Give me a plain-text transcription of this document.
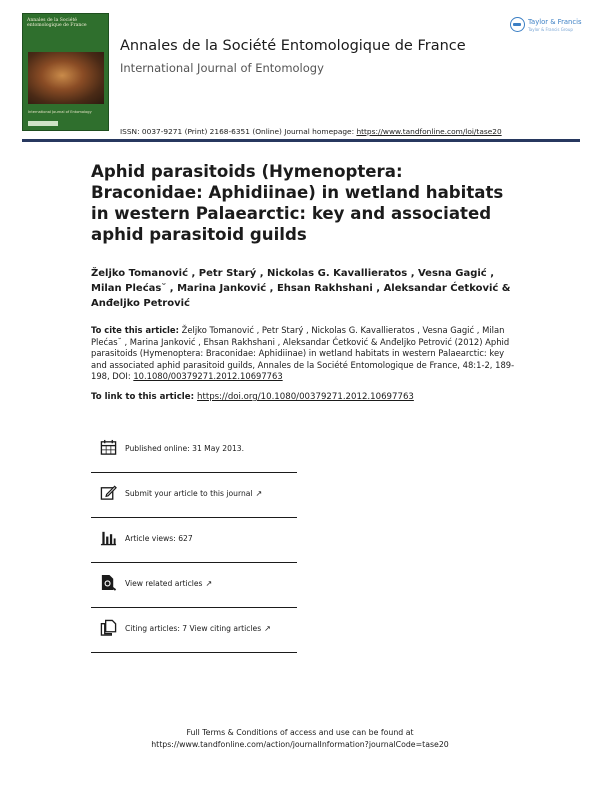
Annales de la Société entomologique de France
International Journal of Entomology
Annales de la Société Entomologique de France
International Journal of Entomology
ISSN: 0037-9271 (Print) 2168-6351 (Online) Journal homepage: https://www.tandfonline.com/loi/tase20
Taylor & Francis
Taylor & Francis Group
Aphid parasitoids (Hymenoptera: Braconidae: Aphidiinae) in wetland habitats in western Palaearctic: key and associated aphid parasitoid guilds
Željko Tomanović , Petr Starý , Nickolas G. Kavallieratos , Vesna Gagić ,
Milan Plećas˘ , Marina Janković , Ehsan Rakhshani , Aleksandar Ćetković &
Anđeljko Petrović
To cite this article: Željko Tomanović , Petr Starý , Nickolas G. Kavallieratos , Vesna Gagić , Milan Plećas˘ , Marina Janković , Ehsan Rakhshani , Aleksandar Ćetković & Anđeljko Petrović (2012) Aphid parasitoids (Hymenoptera: Braconidae: Aphidiinae) in wetland habitats in western Palaearctic: key and associated aphid parasitoid guilds, Annales de la Société Entomologique de France, 48:1-2, 189-198, DOI: 10.1080/00379271.2012.10697763
To link to this article: https://doi.org/10.1080/00379271.2012.10697763
Published online: 31 May 2013.
Submit your article to this journal ↗
Article views: 627
View related articles ↗
Citing articles: 7 View citing articles ↗
Full Terms & Conditions of access and use can be found at
https://www.tandfonline.com/action/journalInformation?journalCode=tase20
